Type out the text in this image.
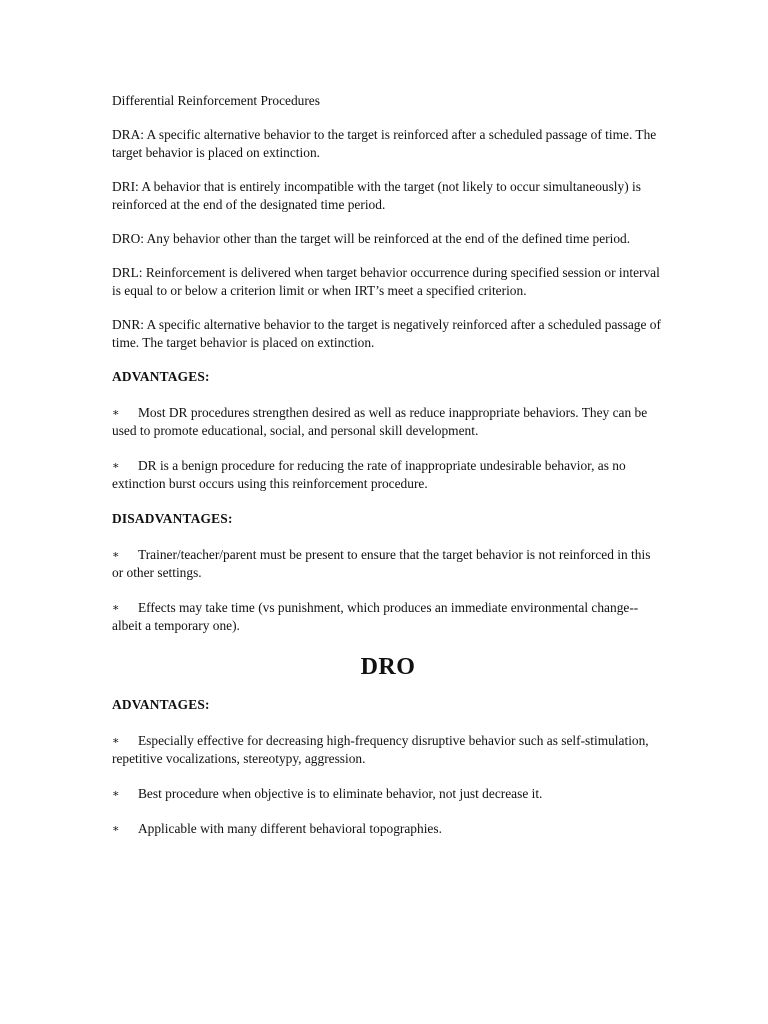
Differential Reinforcement Procedures

DRA: A specific alternative behavior to the target is reinforced after a scheduled passage of time. The target behavior is placed on extinction.

DRI: A behavior that is entirely incompatible with the target (not likely to occur simultaneously) is reinforced at the end of the designated time period.

DRO: Any behavior other than the target will be reinforced at the end of the defined time period.

DRL: Reinforcement is delivered when target behavior occurrence during specified session or interval is equal to or below a criterion limit or when IRT’s meet a specified criterion.

DNR: A specific alternative behavior to the target is negatively reinforced after a scheduled passage of time. The target behavior is placed on extinction.

ADVANTAGES:

∗ Most DR procedures strengthen desired as well as reduce inappropriate behaviors. They can be used to promote educational, social, and personal skill development.

∗ DR is a benign procedure for reducing the rate of inappropriate undesirable behavior, as no extinction burst occurs using this reinforcement procedure.

DISADVANTAGES:

∗ Trainer/teacher/parent must be present to ensure that the target behavior is not reinforced in this or other settings.

∗ Effects may take time (vs punishment, which produces an immediate environmental change--albeit a temporary one).

DRO

ADVANTAGES:

∗ Especially effective for decreasing high-frequency disruptive behavior such as self-stimulation, repetitive vocalizations, stereotypy, aggression.

∗ Best procedure when objective is to eliminate behavior, not just decrease it.

∗ Applicable with many different behavioral topographies.
